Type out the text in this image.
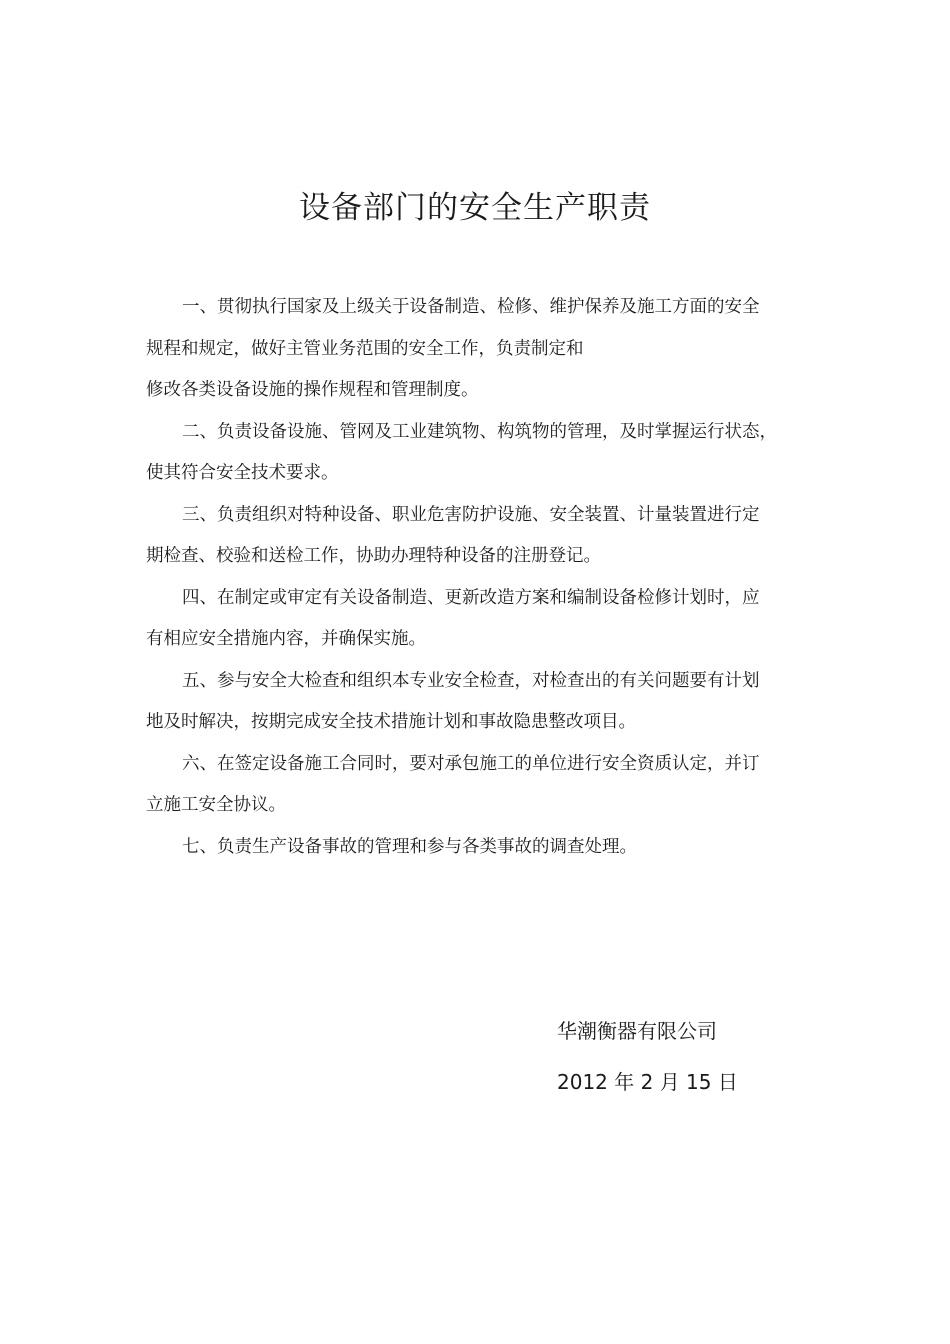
设备部门的安全生产职责

一、贯彻执行国家及上级关于设备制造、检修、维护保养及施工方面的安全
规程和规定，做好主管业务范围的安全工作，负责制定和
修改各类设备设施的操作规程和管理制度。

二、负责设备设施、管网及工业建筑物、构筑物的管理，及时掌握运行状态，
使其符合安全技术要求。

三、负责组织对特种设备、职业危害防护设施、安全装置、计量装置进行定
期检查、校验和送检工作，协助办理特种设备的注册登记。

四、在制定或审定有关设备制造、更新改造方案和编制设备检修计划时，应
有相应安全措施内容，并确保实施。

五、参与安全大检查和组织本专业安全检查，对检查出的有关问题要有计划
地及时解决，按期完成安全技术措施计划和事故隐患整改项目。

六、在签定设备施工合同时，要对承包施工的单位进行安全资质认定，并订
立施工安全协议。

七、负责生产设备事故的管理和参与各类事故的调查处理。

华潮衡器有限公司
2012 年 2 月 15 日
